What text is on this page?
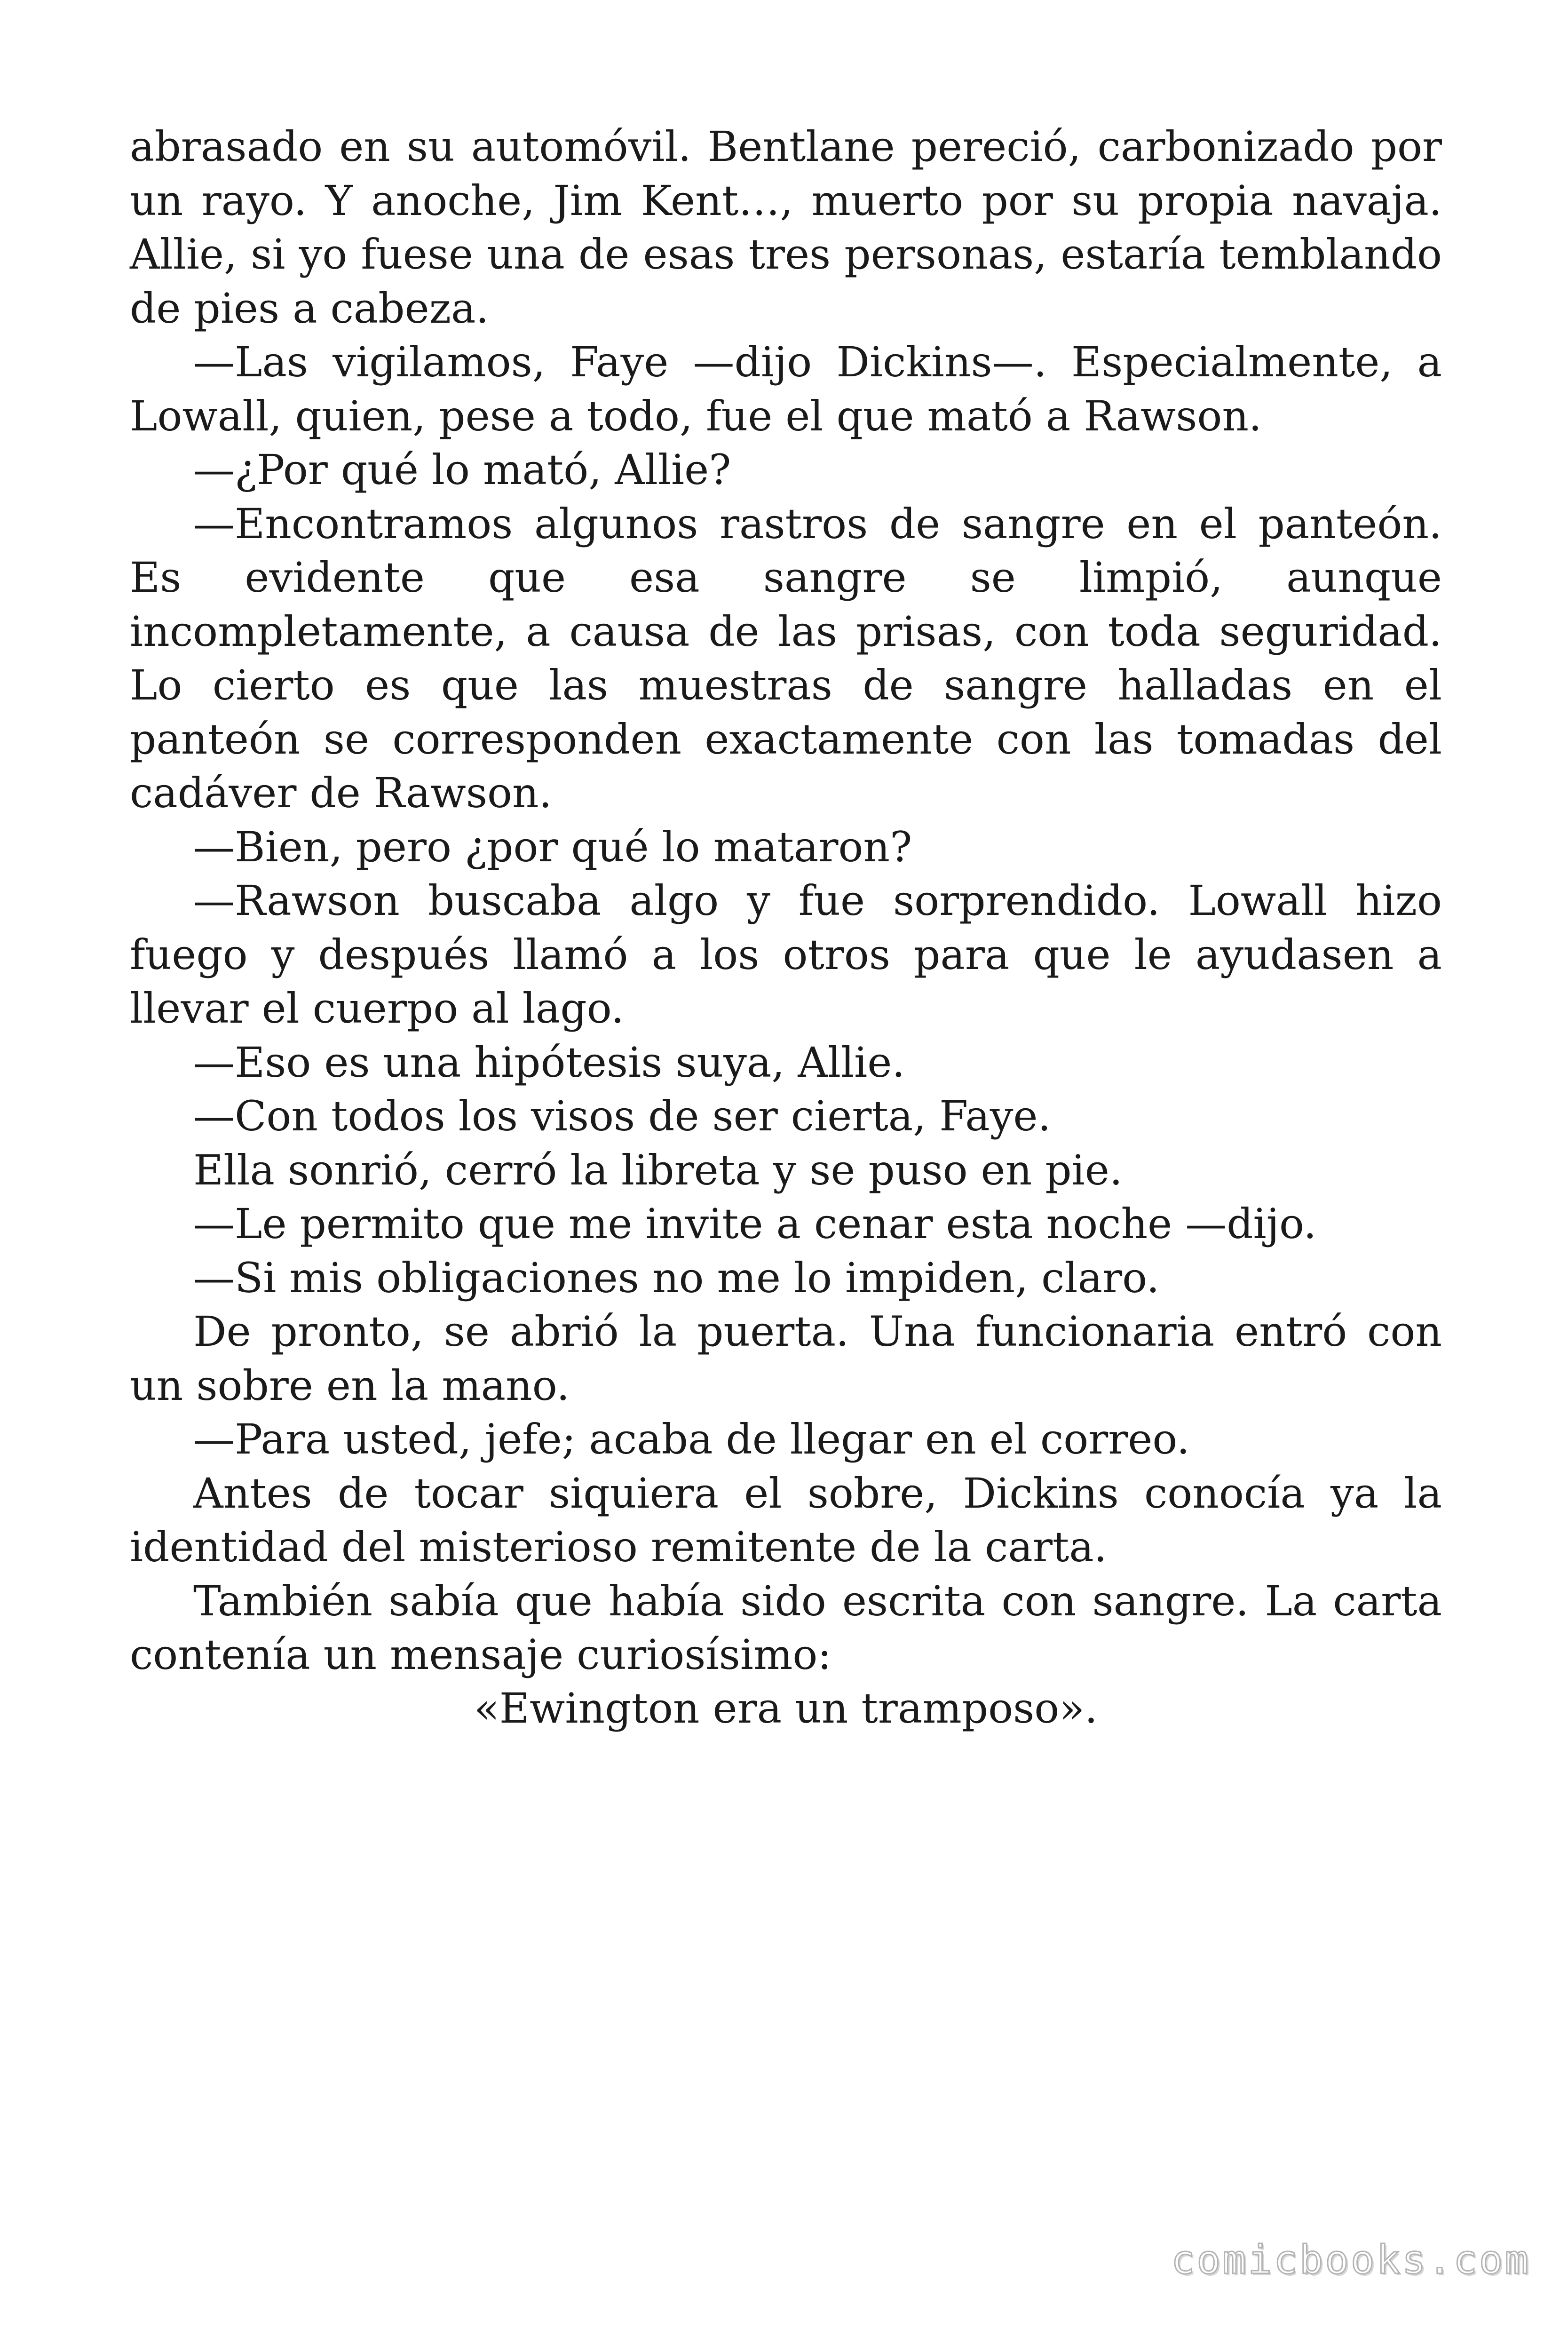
abrasado en su automóvil. Bentlane pereció, carbonizado por un rayo. Y anoche, Jim Kent…, muerto por su propia navaja. Allie, si yo fuese una de esas tres personas, estaría temblando de pies a cabeza.

—Las vigilamos, Faye —dijo Dickins—. Especialmente, a Lowall, quien, pese a todo, fue el que mató a Rawson.

—¿Por qué lo mató, Allie?

—Encontramos algunos rastros de sangre en el panteón. Es evidente que esa sangre se limpió, aunque incompletamente, a causa de las prisas, con toda seguridad. Lo cierto es que las muestras de sangre halladas en el panteón se corresponden exactamente con las tomadas del cadáver de Rawson.

—Bien, pero ¿por qué lo mataron?

—Rawson buscaba algo y fue sorprendido. Lowall hizo fuego y después llamó a los otros para que le ayudasen a llevar el cuerpo al lago.

—Eso es una hipótesis suya, Allie.

—Con todos los visos de ser cierta, Faye.

Ella sonrió, cerró la libreta y se puso en pie.

—Le permito que me invite a cenar esta noche —dijo.

—Si mis obligaciones no me lo impiden, claro.

De pronto, se abrió la puerta. Una funcionaria entró con un sobre en la mano.

—Para usted, jefe; acaba de llegar en el correo.

Antes de tocar siquiera el sobre, Dickins conocía ya la identidad del misterioso remitente de la carta.

También sabía que había sido escrita con sangre. La carta contenía un mensaje curiosísimo:

«Ewington era un tramposo».

comicbooks.com
